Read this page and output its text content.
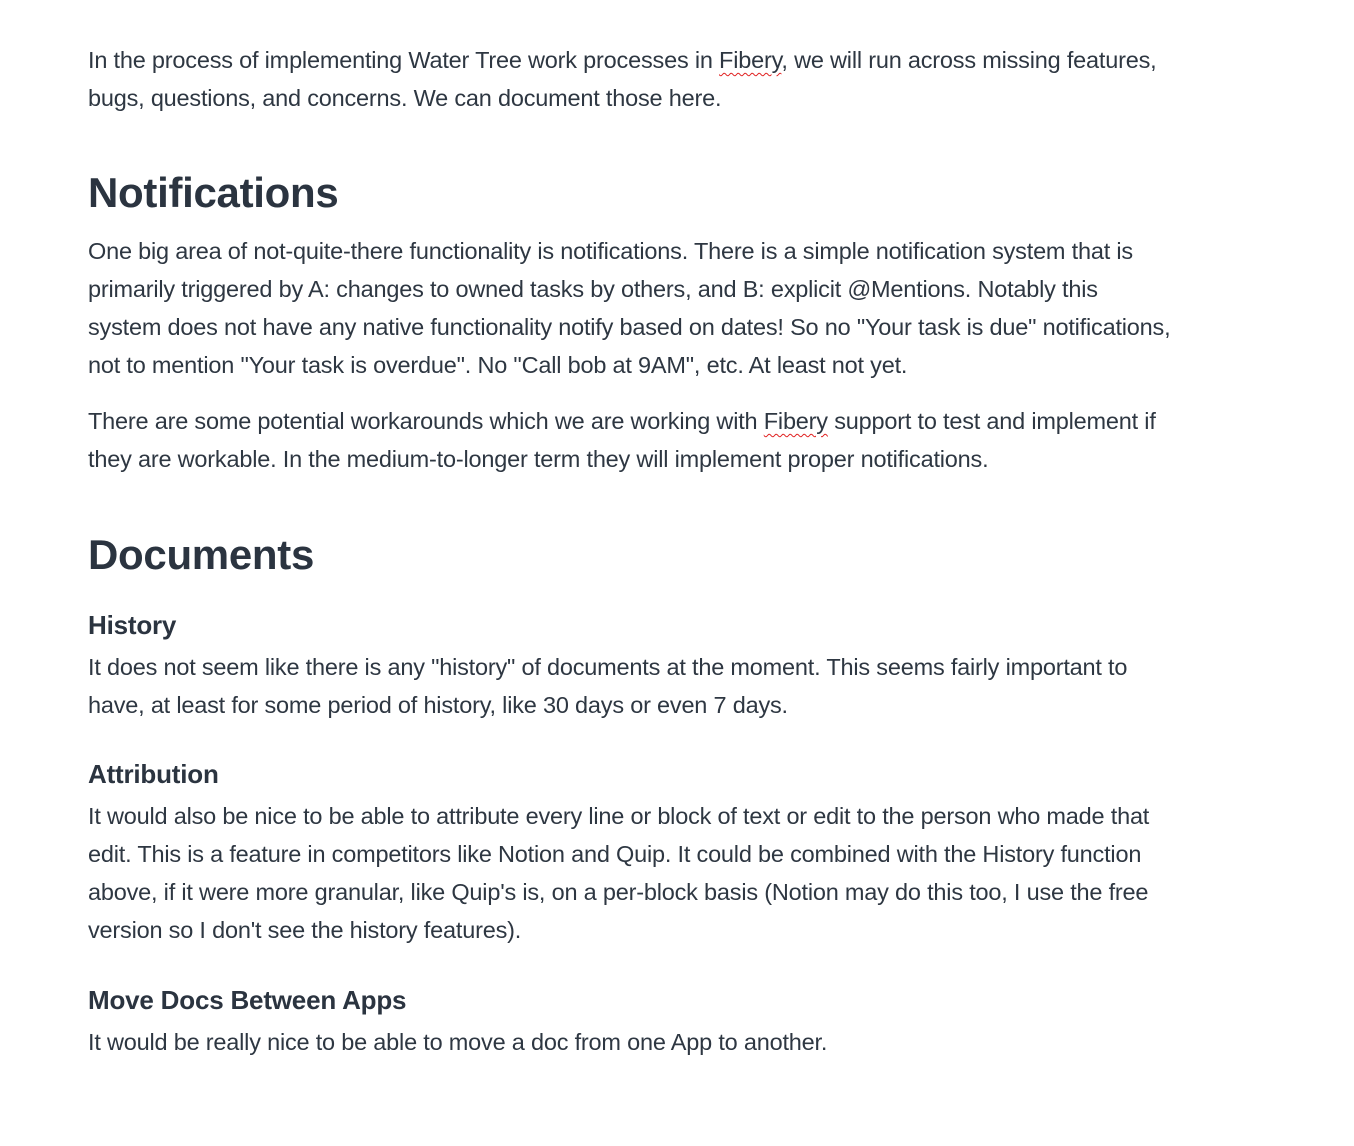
In the process of implementing Water Tree work processes in Fibery, we will run across missing features, bugs, questions, and concerns. We can document those here.

Notifications

One big area of not-quite-there functionality is notifications. There is a simple notification system that is primarily triggered by A: changes to owned tasks by others, and B: explicit @Mentions. Notably this system does not have any native functionality notify based on dates! So no "Your task is due" notifications, not to mention "Your task is overdue". No "Call bob at 9AM", etc. At least not yet.

There are some potential workarounds which we are working with Fibery support to test and implement if they are workable. In the medium-to-longer term they will implement proper notifications.

Documents
History

It does not seem like there is any "history" of documents at the moment. This seems fairly important to have, at least for some period of history, like 30 days or even 7 days.

Attribution

It would also be nice to be able to attribute every line or block of text or edit to the person who made that edit. This is a feature in competitors like Notion and Quip. It could be combined with the History function above, if it were more granular, like Quip's is, on a per-block basis (Notion may do this too, I use the free version so I don't see the history features).

Move Docs Between Apps

It would be really nice to be able to move a doc from one App to another.
